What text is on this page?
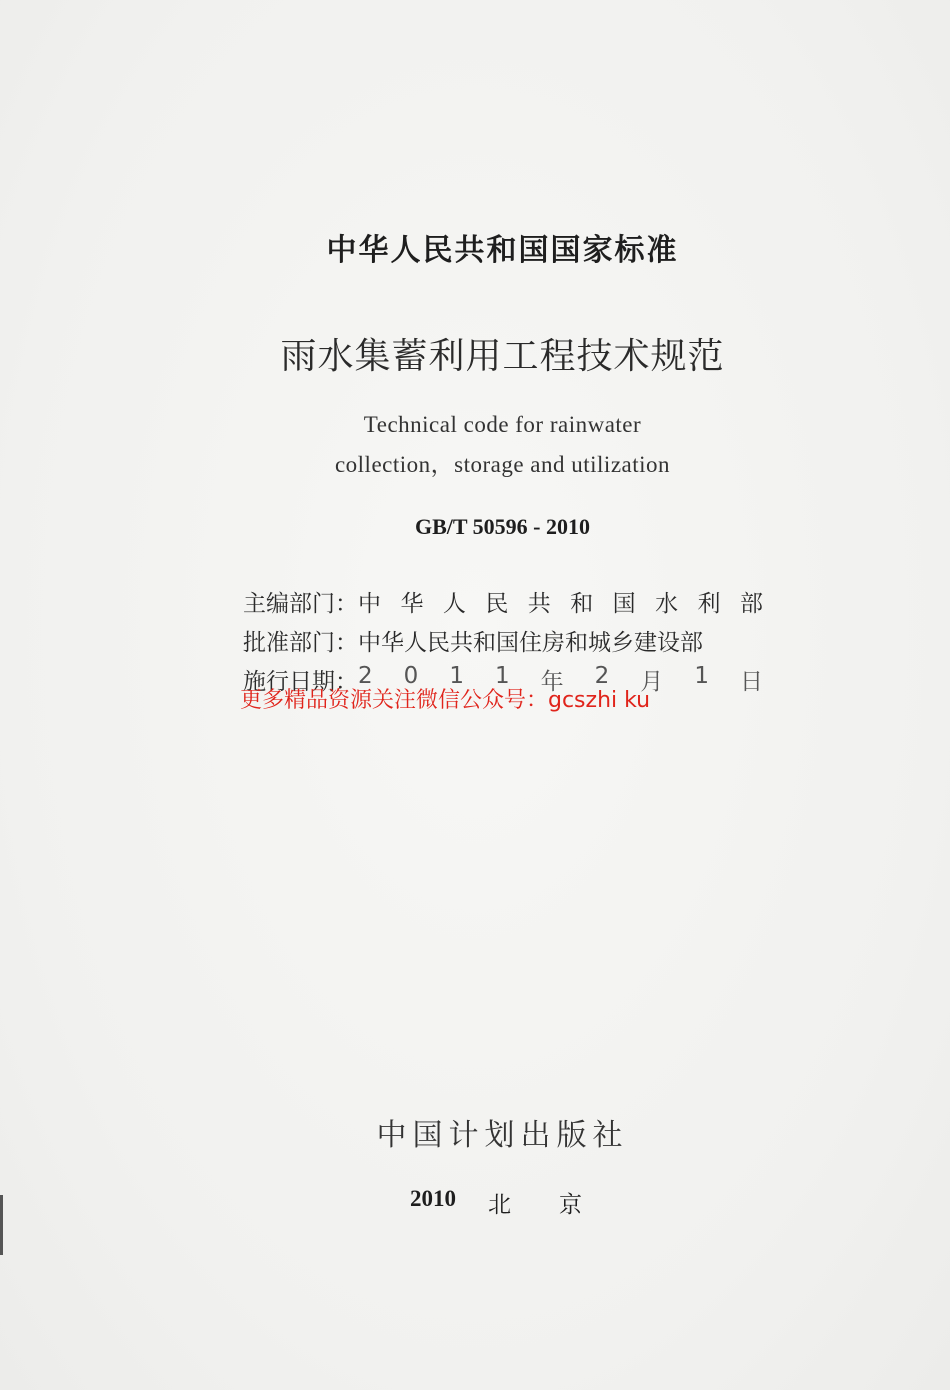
中华人民共和国国家标准
雨水集蓄利用工程技术规范
Technical code for rainwater
collection，storage and utilization
GB/T 50596 - 2010
主编部门： 中 华 人 民 共 和 国 水 利 部
批准部门： 中华人民共和国住房和城乡建设部
施行日期： 2 0 1 1 年 2 月 1 日
更多精品资源关注微信公众号：gcszhi ku
中国计划出版社
2010 北京
